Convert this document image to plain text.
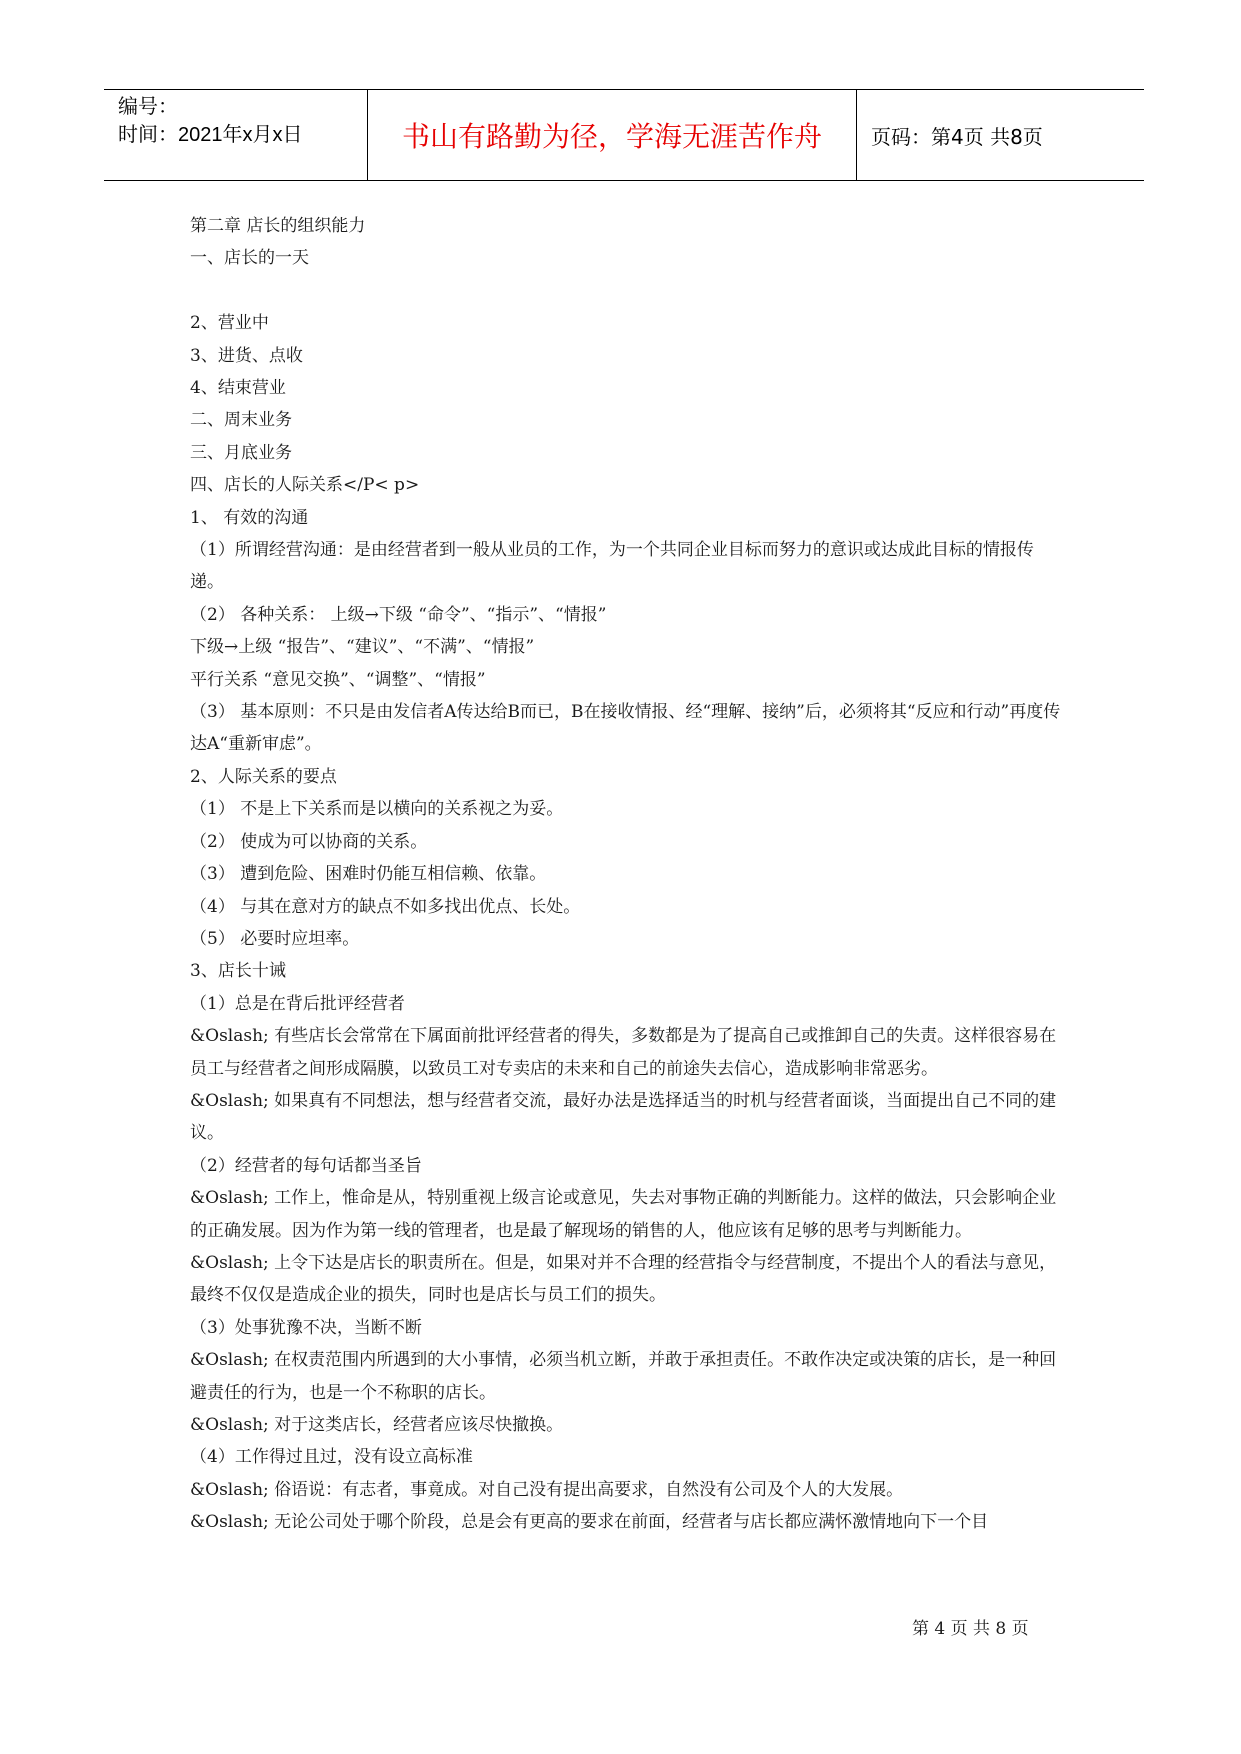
编号：
时间：2021年x月x日	书山有路勤为径，学海无涯苦作舟 页码：第4页 共8页

第二章 店长的组织能力

一、店长的一天

2、营业中

3、进货、点收

4、结束营业

二、周末业务

三、月底业务

四、店长的人际关系</P< p>

1、 有效的沟通

（1）所谓经营沟通：是由经营者到一般从业员的工作，为一个共同企业目标而努力的意识或达成此目标的情报传递。

（2） 各种关系： 上级→下级 “命令”、“指示”、“情报”

下级→上级 “报告”、“建议”、“不满”、“情报”

平行关系 “意见交换”、“调整”、“情报”

（3） 基本原则：不只是由发信者A传达给B而已，B在接收情报、经“理解、接纳”后，必须将其“反应和行动”再度传达A“重新审虑”。

2、人际关系的要点

（1） 不是上下关系而是以横向的关系视之为妥。

（2） 使成为可以协商的关系。

（3） 遭到危险、困难时仍能互相信赖、依靠。

（4） 与其在意对方的缺点不如多找出优点、长处。

（5） 必要时应坦率。

3、店长十诫

（1）总是在背后批评经营者

&Oslash; 有些店长会常常在下属面前批评经营者的得失，多数都是为了提高自己或推卸自己的失责。这样很容易在员工与经营者之间形成隔膜，以致员工对专卖店的未来和自己的前途失去信心，造成影响非常恶劣。

&Oslash; 如果真有不同想法，想与经营者交流，最好办法是选择适当的时机与经营者面谈，当面提出自己不同的建议。

（2）经营者的每句话都当圣旨

&Oslash; 工作上，惟命是从，特别重视上级言论或意见，失去对事物正确的判断能力。这样的做法，只会影响企业的正确发展。因为作为第一线的管理者，也是最了解现场的销售的人，他应该有足够的思考与判断能力。

&Oslash; 上令下达是店长的职责所在。但是，如果对并不合理的经营指令与经营制度，不提出个人的看法与意见，最终不仅仅是造成企业的损失，同时也是店长与员工们的损失。

（3）处事犹豫不决，当断不断

&Oslash; 在权责范围内所遇到的大小事情，必须当机立断，并敢于承担责任。不敢作决定或决策的店长，是一种回避责任的行为，也是一个不称职的店长。

&Oslash; 对于这类店长，经营者应该尽快撤换。

（4）工作得过且过，没有设立高标准

&Oslash; 俗语说：有志者，事竟成。对自己没有提出高要求，自然没有公司及个人的大发展。

&Oslash; 无论公司处于哪个阶段，总是会有更高的要求在前面，经营者与店长都应满怀激情地向下一个目

第 4 页 共 8 页
